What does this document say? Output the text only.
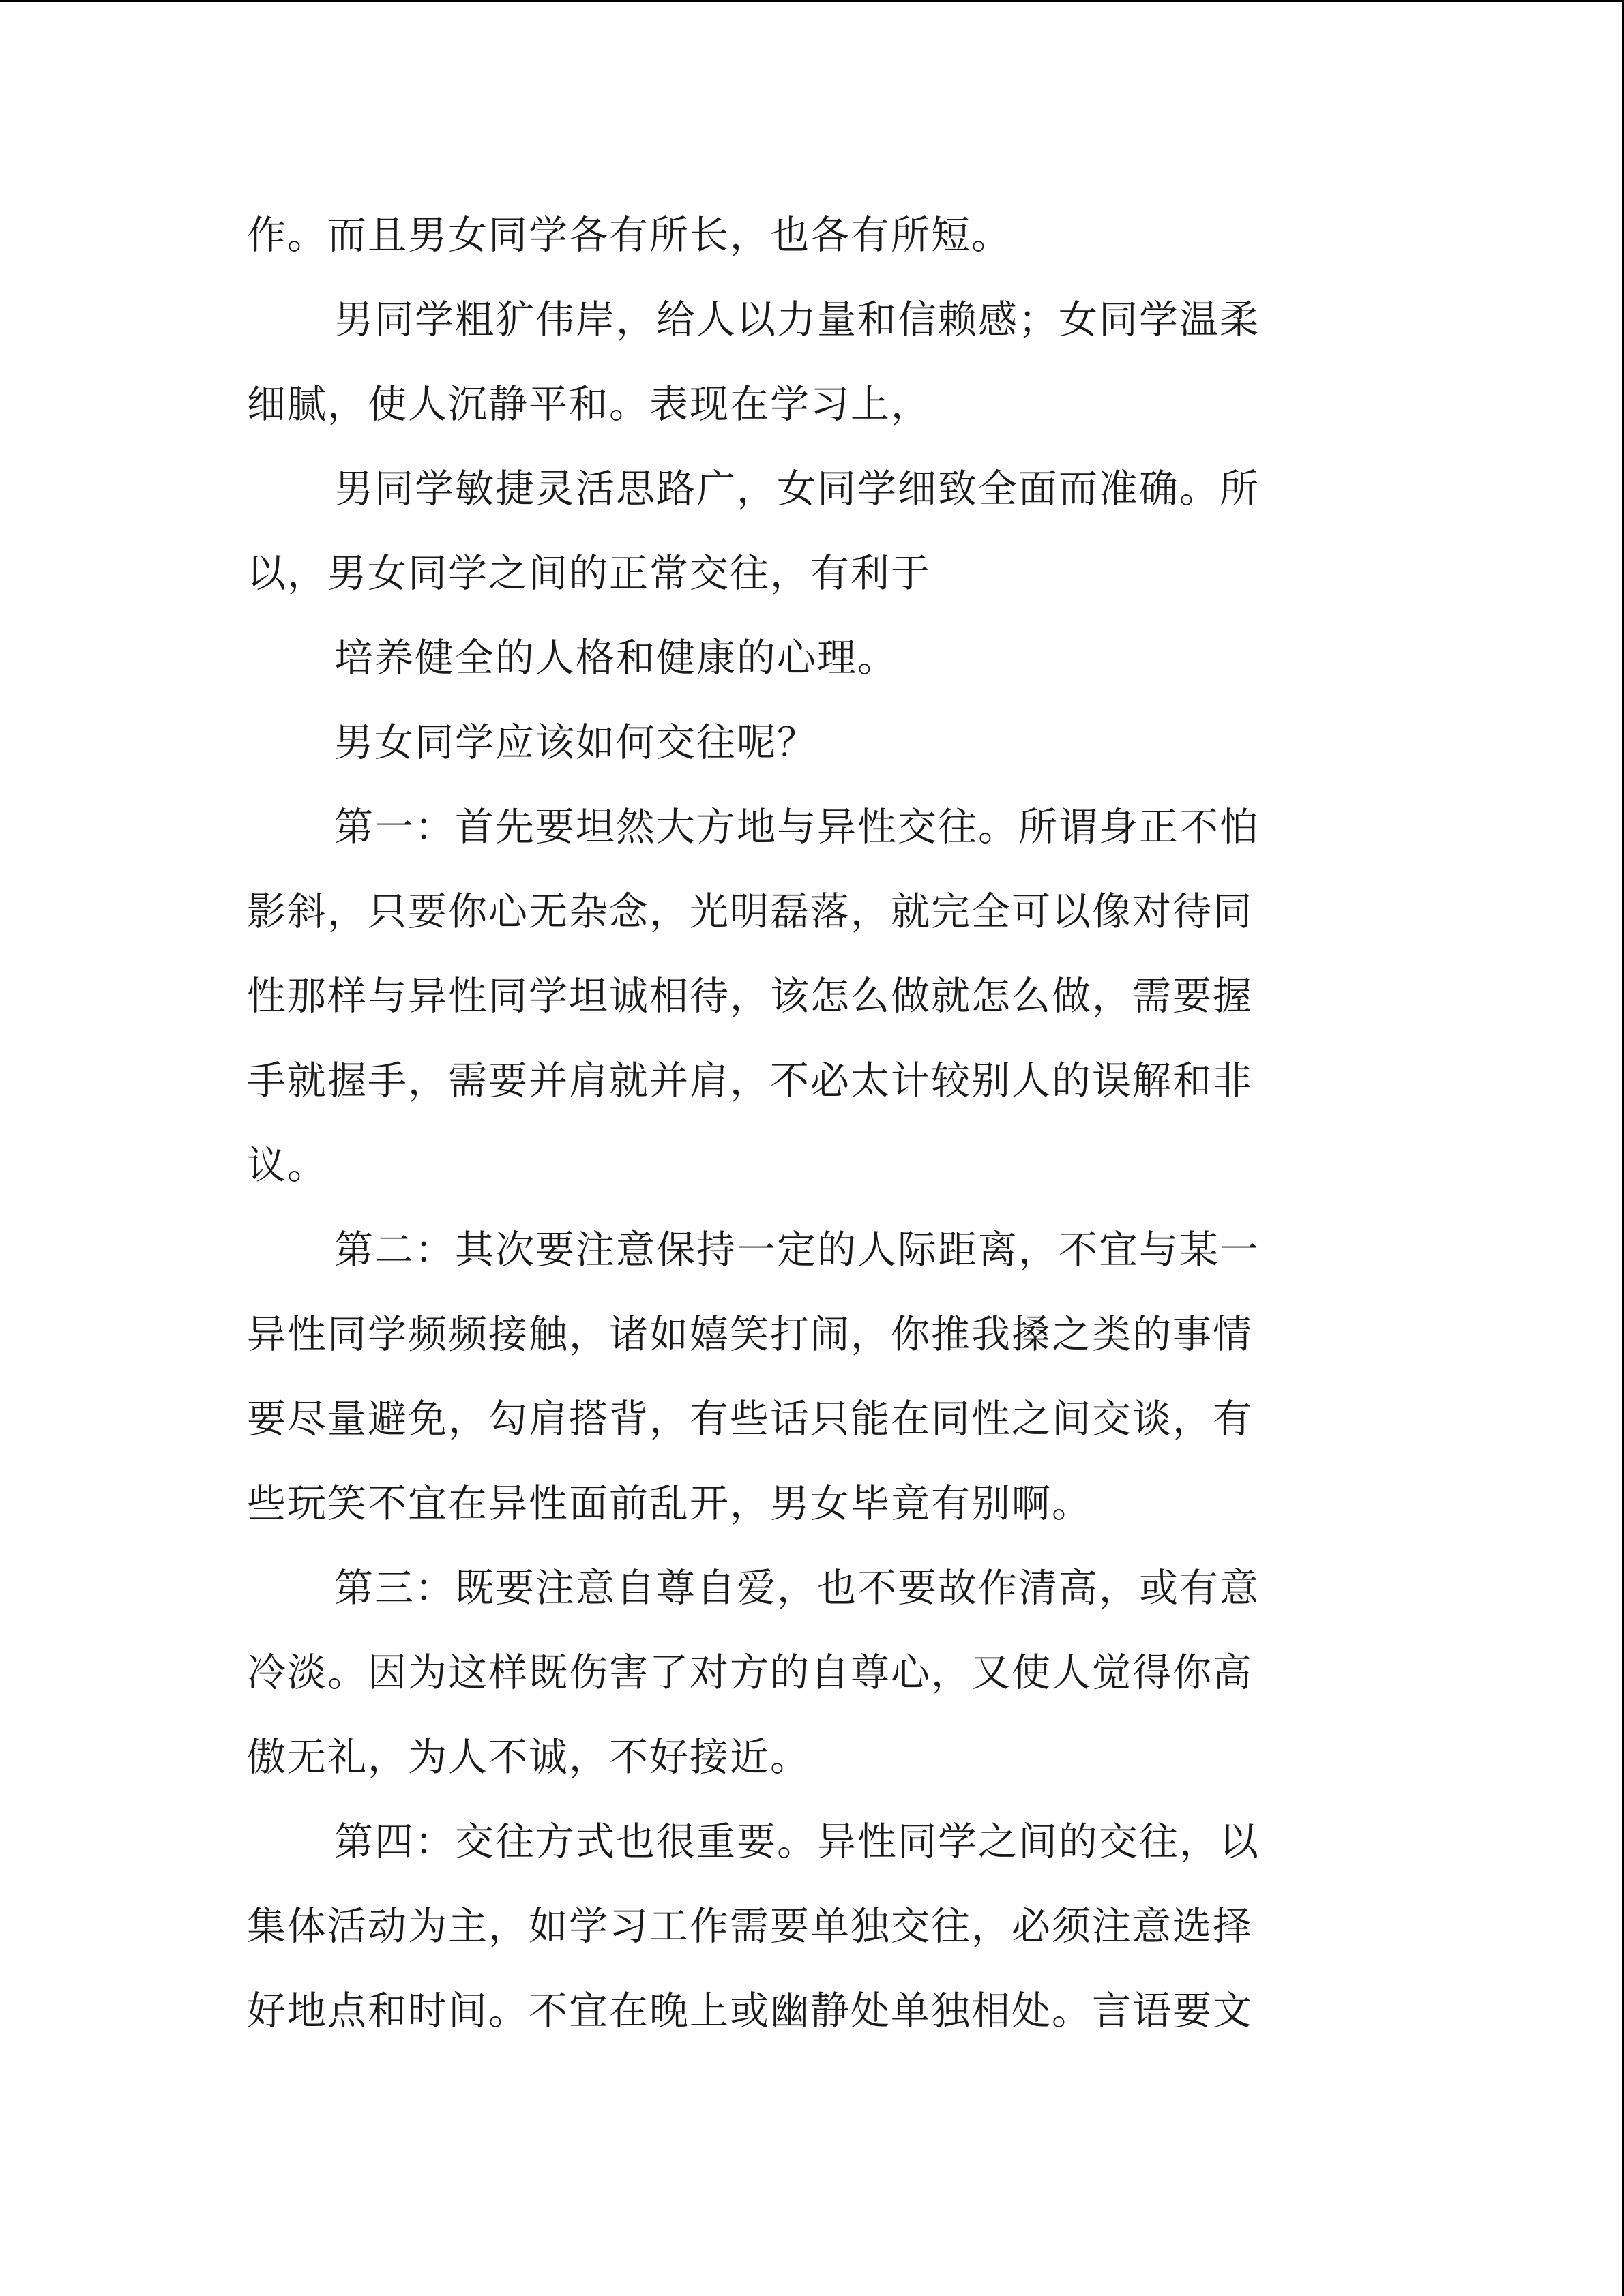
作。而且男女同学各有所长，也各有所短。
男同学粗犷伟岸，给人以力量和信赖感；女同学温柔
细腻，使人沉静平和。表现在学习上，
男同学敏捷灵活思路广，女同学细致全面而准确。所
以，男女同学之间的正常交往，有利于
培养健全的人格和健康的心理。
男女同学应该如何交往呢？
第一：首先要坦然大方地与异性交往。所谓身正不怕
影斜，只要你心无杂念，光明磊落，就完全可以像对待同
性那样与异性同学坦诚相待，该怎么做就怎么做，需要握
手就握手，需要并肩就并肩，不必太计较别人的误解和非
议。
第二：其次要注意保持一定的人际距离，不宜与某一
异性同学频频接触，诸如嬉笑打闹，你推我搡之类的事情
要尽量避免，勾肩搭背，有些话只能在同性之间交谈，有
些玩笑不宜在异性面前乱开，男女毕竟有别啊。
第三：既要注意自尊自爱，也不要故作清高，或有意
冷淡。因为这样既伤害了对方的自尊心，又使人觉得你高
傲无礼，为人不诚，不好接近。
第四：交往方式也很重要。异性同学之间的交往，以
集体活动为主，如学习工作需要单独交往，必须注意选择
好地点和时间。不宜在晚上或幽静处单独相处。言语要文
